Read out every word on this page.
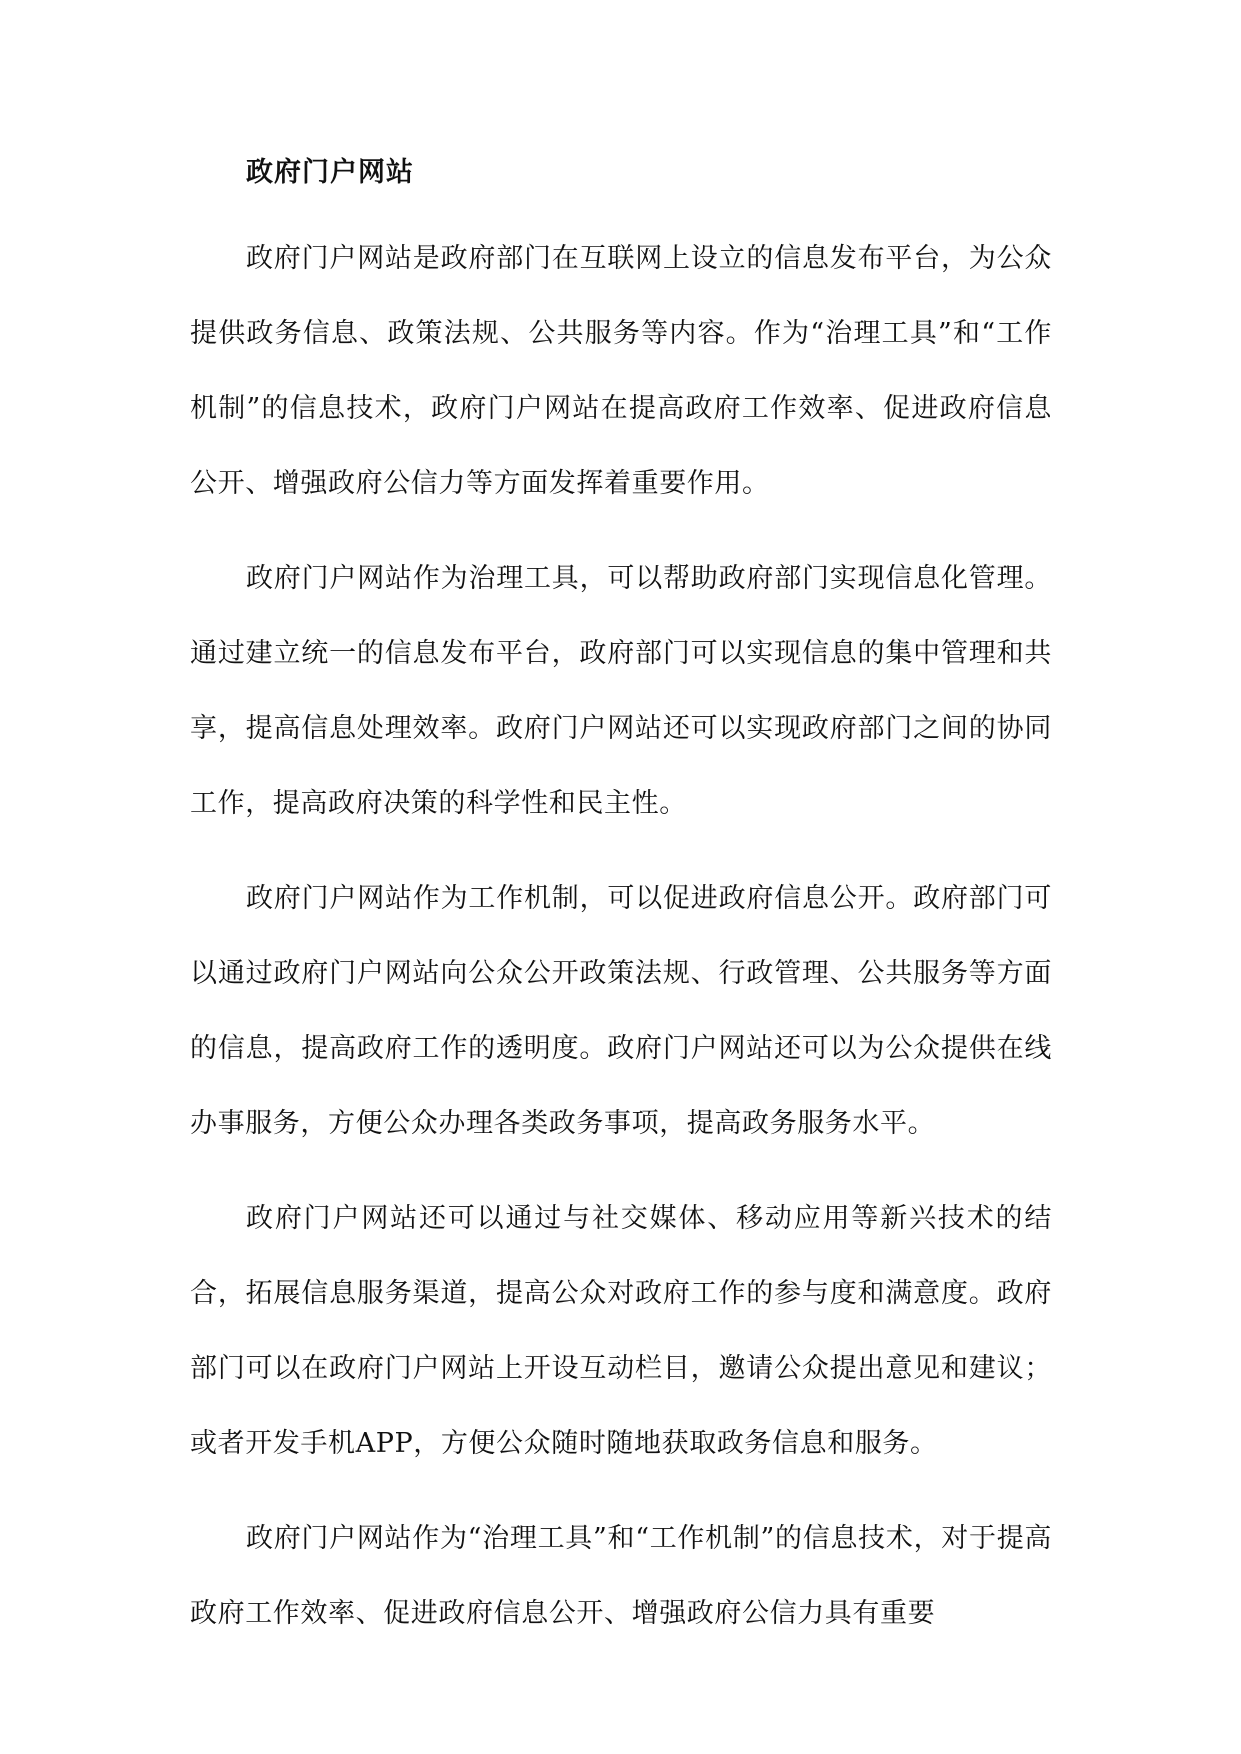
政府门户网站

政府门户网站是政府部门在互联网上设立的信息发布平台，为公众提供政务信息、政策法规、公共服务等内容。作为“治理工具”和“工作机制”的信息技术，政府门户网站在提高政府工作效率、促进政府信息公开、增强政府公信力等方面发挥着重要作用。

政府门户网站作为治理工具，可以帮助政府部门实现信息化管理。通过建立统一的信息发布平台，政府部门可以实现信息的集中管理和共享，提高信息处理效率。政府门户网站还可以实现政府部门之间的协同工作，提高政府决策的科学性和民主性。

政府门户网站作为工作机制，可以促进政府信息公开。政府部门可以通过政府门户网站向公众公开政策法规、行政管理、公共服务等方面的信息，提高政府工作的透明度。政府门户网站还可以为公众提供在线办事服务，方便公众办理各类政务事项，提高政务服务水平。

政府门户网站还可以通过与社交媒体、移动应用等新兴技术的结合，拓展信息服务渠道，提高公众对政府工作的参与度和满意度。政府部门可以在政府门户网站上开设互动栏目，邀请公众提出意见和建议；或者开发手机APP，方便公众随时随地获取政务信息和服务。

政府门户网站作为“治理工具”和“工作机制”的信息技术，对于提高政府工作效率、促进政府信息公开、增强政府公信力具有重要
